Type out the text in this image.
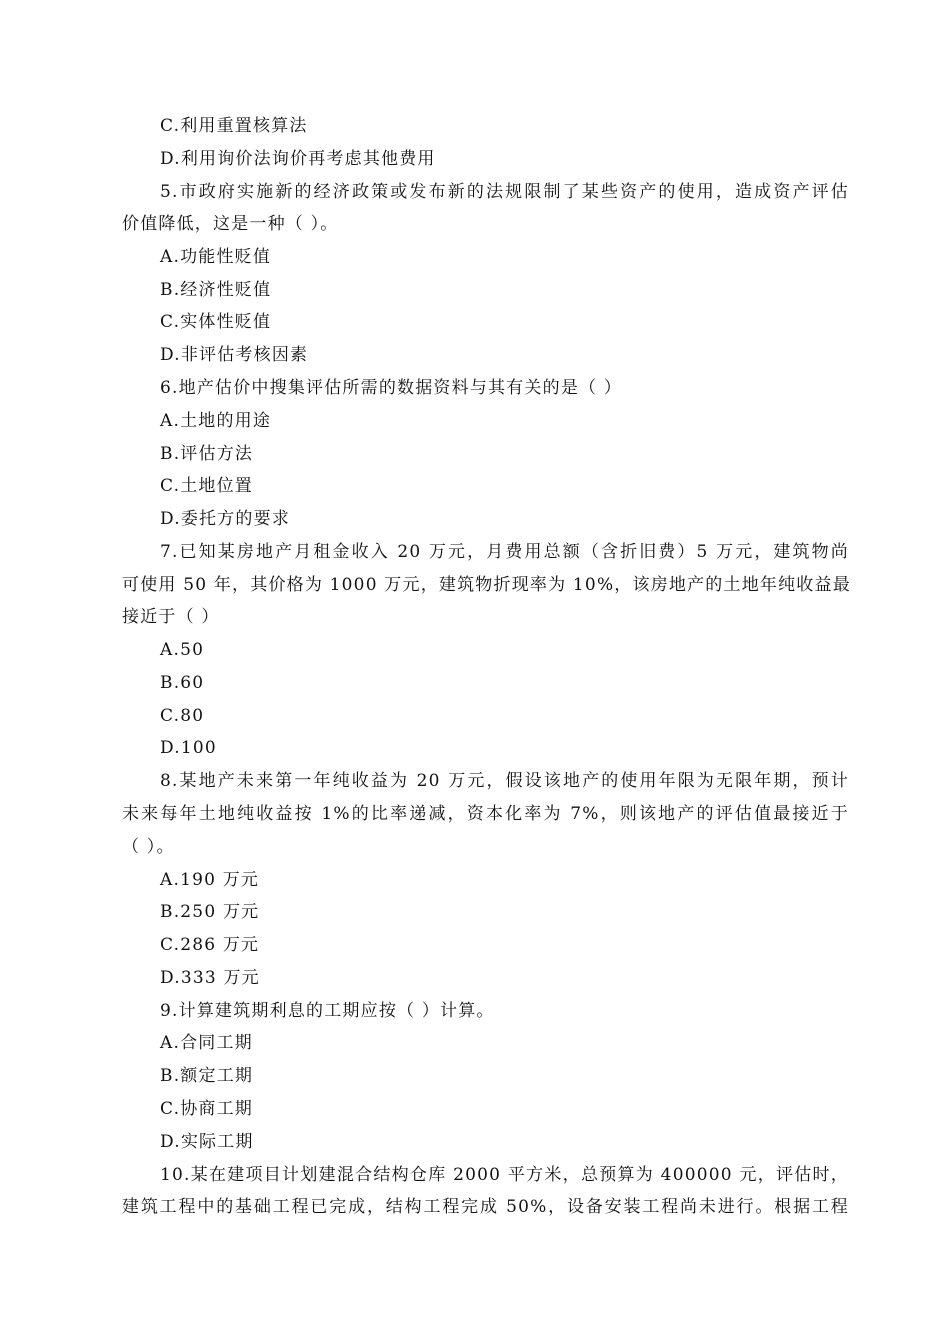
C.利用重置核算法
D.利用询价法询价再考虑其他费用
5.市政府实施新的经济政策或发布新的法规限制了某些资产的使用，造成资产评估
价值降低，这是一种（ ）。
A.功能性贬值
B.经济性贬值
C.实体性贬值
D.非评估考核因素
6.地产估价中搜集评估所需的数据资料与其有关的是（ ）
A.土地的用途
B.评估方法
C.土地位置
D.委托方的要求
7.已知某房地产月租金收入 20 万元，月费用总额（含折旧费）5 万元，建筑物尚
可使用 50 年，其价格为 1000 万元，建筑物折现率为 10%，该房地产的土地年纯收益最
接近于（ ）
A.50
B.60
C.80
D.100
8.某地产未来第一年纯收益为 20 万元，假设该地产的使用年限为无限年期，预计
未来每年土地纯收益按 1%的比率递减，资本化率为 7%，则该地产的评估值最接近于
（ ）。
A.190 万元
B.250 万元
C.286 万元
D.333 万元
9.计算建筑期利息的工期应按（ ）计算。
A.合同工期
B.额定工期
C.协商工期
D.实际工期
10.某在建项目计划建混合结构仓库 2000 平方米，总预算为 400000 元，评估时，
建筑工程中的基础工程已完成，结构工程完成 50%，设备安装工程尚未进行。根据工程
